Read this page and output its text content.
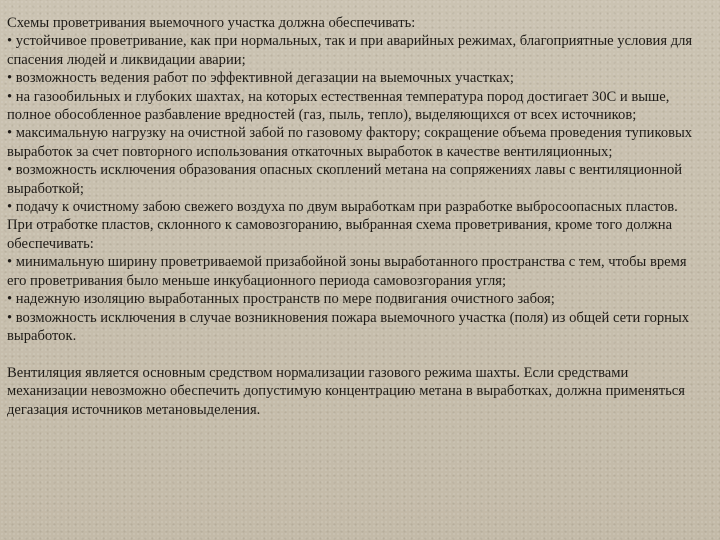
Схемы проветривания выемочного участка должна обеспечивать:

• устойчивое проветривание, как при нормальных, так и при аварийных режимах, благоприятные условия для спасения людей и ликвидации аварии;

• возможность ведения работ по эффективной дегазации на выемочных участках;

• на газообильных и глубоких шахтах, на которых естественная температура пород достигает 30С и выше, полное обособленное разбавление вредностей (газ, пыль, тепло), выделяющихся от всех источников;

• максимальную нагрузку на очистной забой по газовому фактору; сокращение объема проведения тупиковых выработок за счет повторного использования откаточных выработок в качестве вентиляционных;

• возможность исключения образования опасных скоплений метана на сопряжениях лавы с вентиляционной выработкой;

• подачу к очистному забою свежего воздуха по двум выработкам при разработке выбросоопасных пластов.

При отработке пластов, склонного к самовозгоранию, выбранная схема проветривания, кроме того должна обеспечивать:

• минимальную ширину проветриваемой призабойной зоны выработанного пространства с тем, чтобы время его проветривания было меньше инкубационного периода самовозгорания угля;

• надежную изоляцию выработанных пространств по мере подвигания очистного забоя;

• возможность исключения в случае возникновения пожара выемочного участка (поля) из общей сети горных выработок.

Вентиляция является основным средством нормализации газового режима шахты. Если средствами механизации невозможно обеспечить допустимую концентрацию метана в выработках, должна применяться дегазация источников метановыделения.
